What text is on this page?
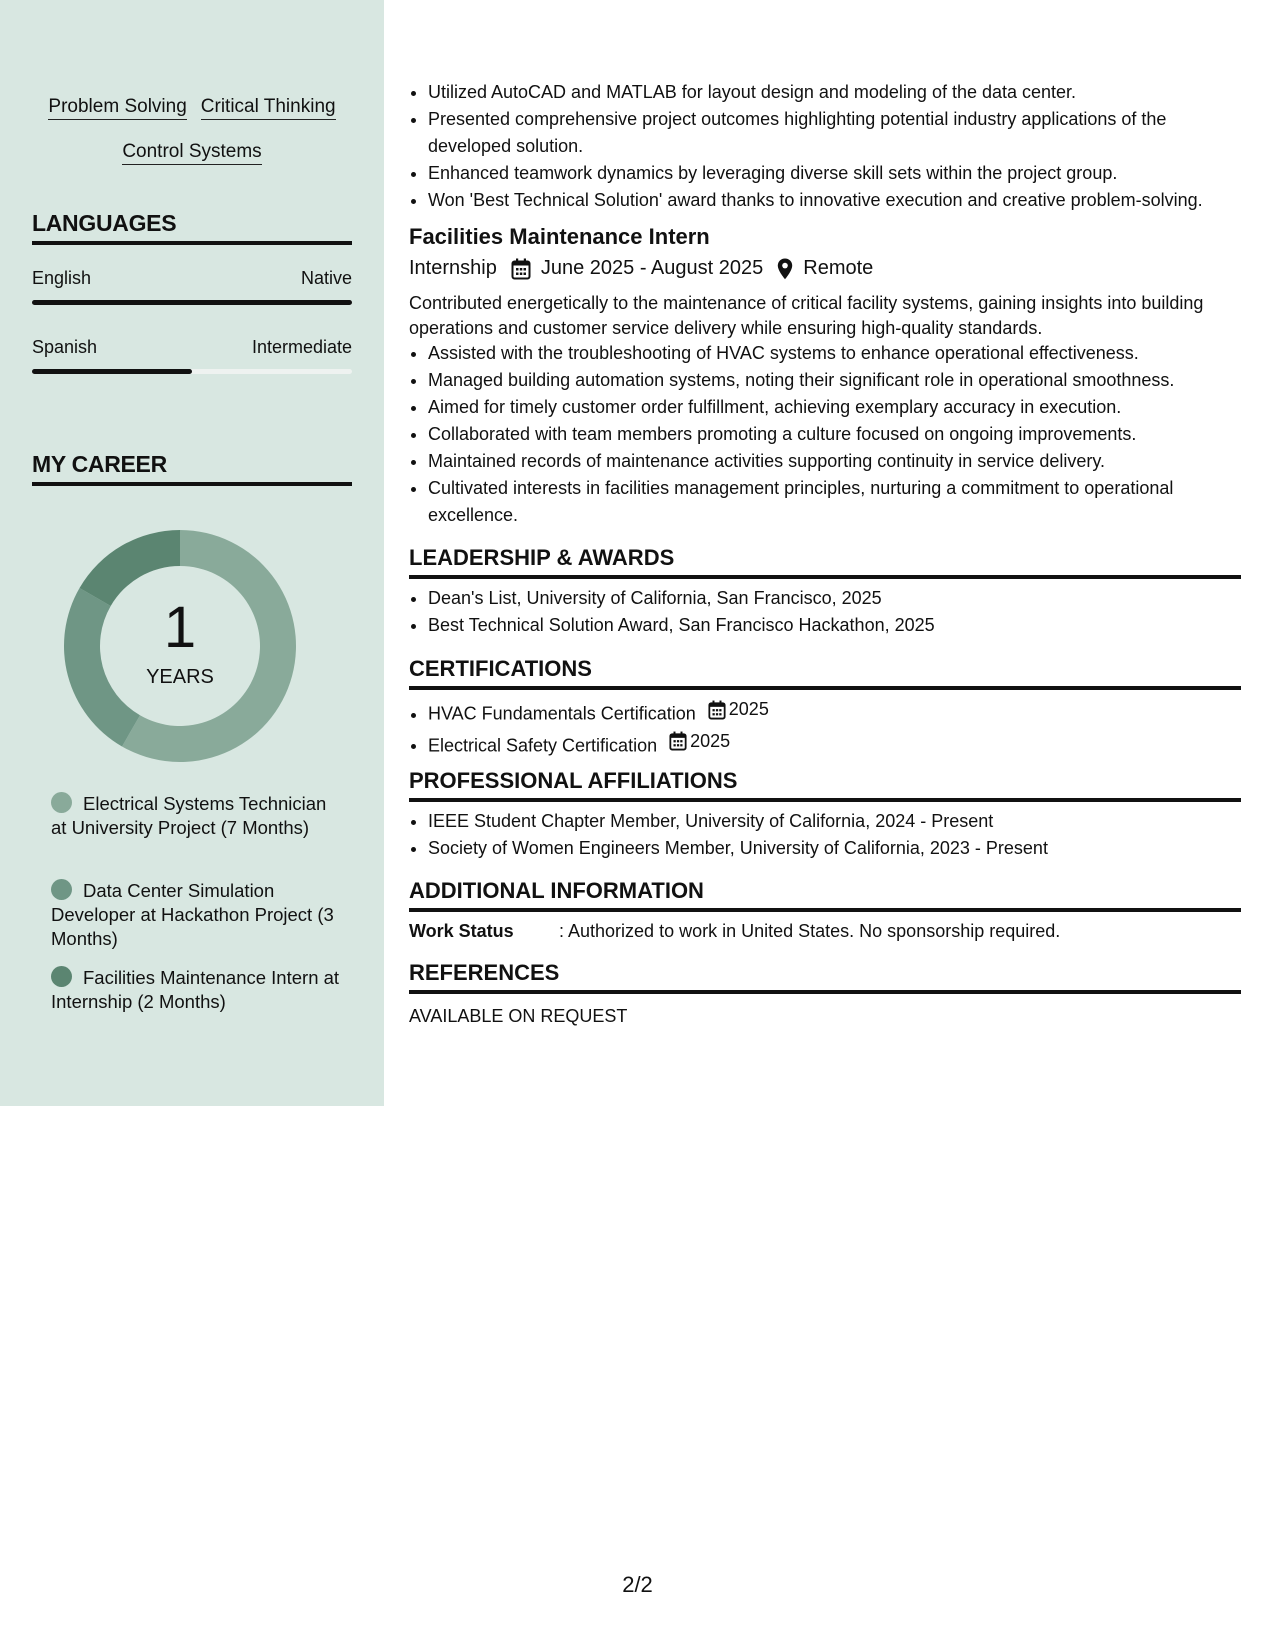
Problem Solving Critical Thinking
Control Systems
LANGUAGES
English	Native
Spanish	Intermediate
MY CAREER
1
YEARS
Electrical Systems Technician at University Project (7 Months)
Data Center Simulation Developer at Hackathon Project (3 Months)
Facilities Maintenance Intern at Internship (2 Months)
• Utilized AutoCAD and MATLAB for layout design and modeling of the data center.
• Presented comprehensive project outcomes highlighting potential industry applications of the developed solution.
• Enhanced teamwork dynamics by leveraging diverse skill sets within the project group.
• Won 'Best Technical Solution' award thanks to innovative execution and creative problem-solving.
Facilities Maintenance Intern
Internship June 2025 - August 2025 Remote
Contributed energetically to the maintenance of critical facility systems, gaining insights into building operations and customer service delivery while ensuring high-quality standards.
• Assisted with the troubleshooting of HVAC systems to enhance operational effectiveness.
• Managed building automation systems, noting their significant role in operational smoothness.
• Aimed for timely customer order fulfillment, achieving exemplary accuracy in execution.
• Collaborated with team members promoting a culture focused on ongoing improvements.
• Maintained records of maintenance activities supporting continuity in service delivery.
• Cultivated interests in facilities management principles, nurturing a commitment to operational excellence.
LEADERSHIP & AWARDS
• Dean's List, University of California, San Francisco, 2025
• Best Technical Solution Award, San Francisco Hackathon, 2025
CERTIFICATIONS
• HVAC Fundamentals Certification 2025
• Electrical Safety Certification 2025
PROFESSIONAL AFFILIATIONS
• IEEE Student Chapter Member, University of California, 2024 - Present
• Society of Women Engineers Member, University of California, 2023 - Present
ADDITIONAL INFORMATION
Work Status	: Authorized to work in United States. No sponsorship required.
REFERENCES
AVAILABLE ON REQUEST
2/2
